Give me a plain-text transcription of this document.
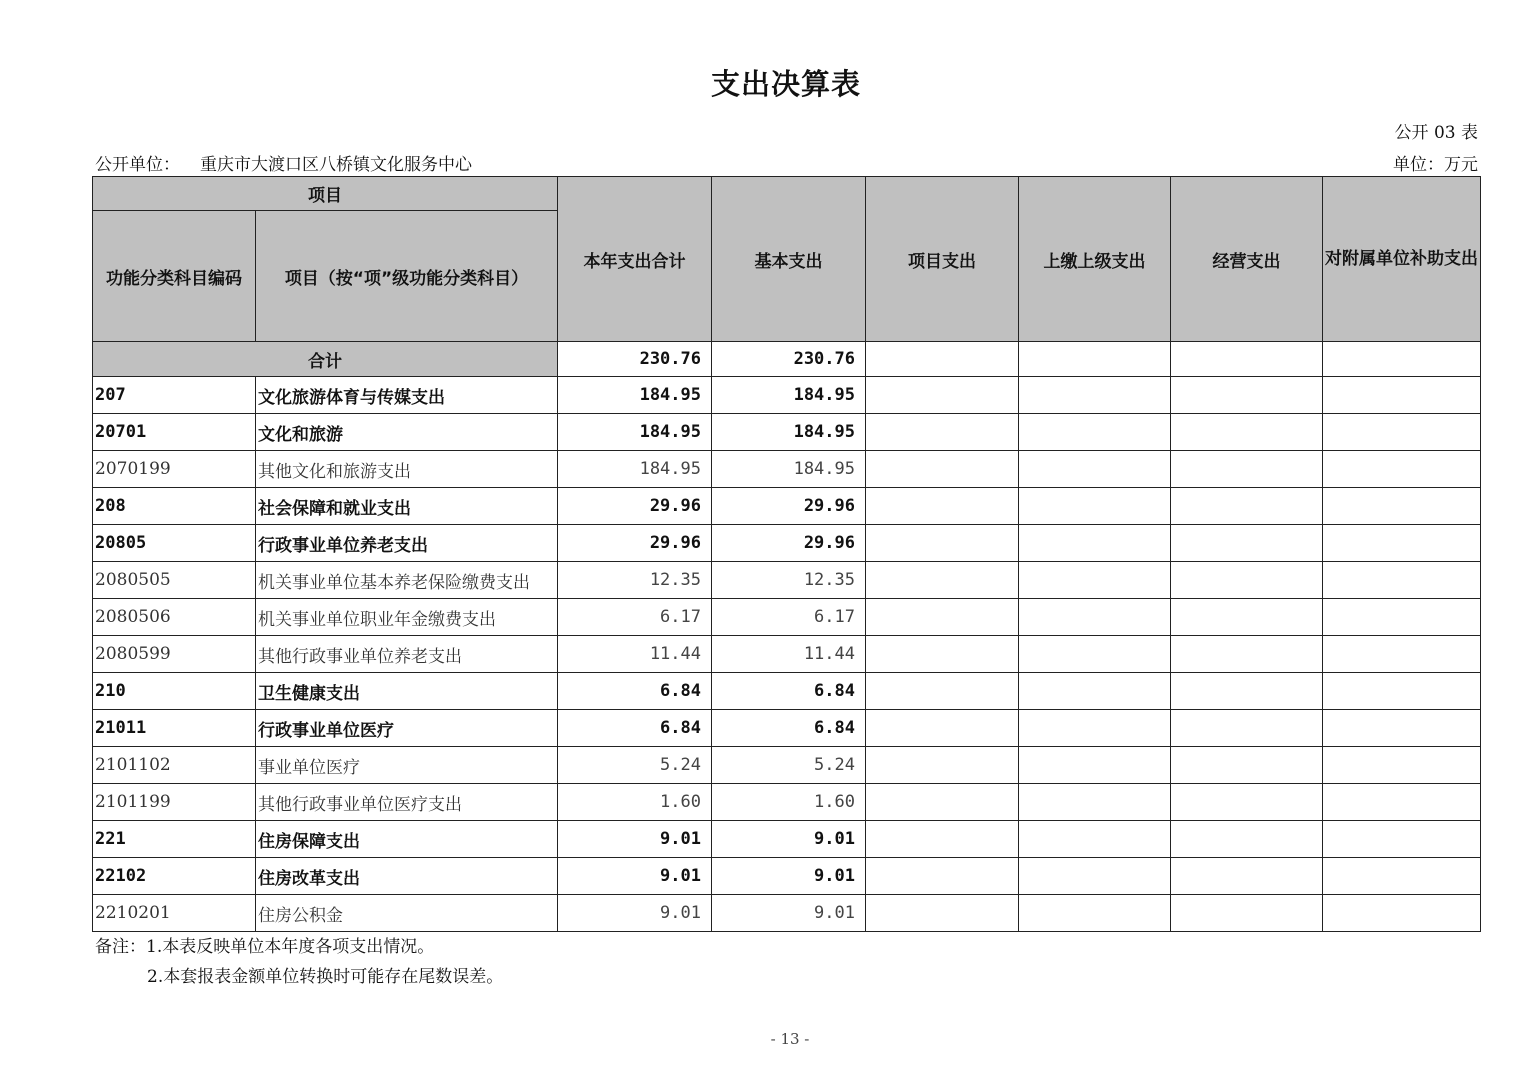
支出决算表
公开 03 表
公开单位： 重庆市大渡口区八桥镇文化服务中心	单位：万元
项目		本年支出合计	基本支出	项目支出	上缴上级支出	经营支出	对附属单位补助支出
功能分类科目编码	项目（按“项”级功能分类科目）						
合计		230.76	230.76				
207	文化旅游体育与传媒支出	184.95	184.95				
20701	文化和旅游	184.95	184.95				
2070199	其他文化和旅游支出	184.95	184.95				
208	社会保障和就业支出	29.96	29.96				
20805	行政事业单位养老支出	29.96	29.96				
2080505	机关事业单位基本养老保险缴费支出	12.35	12.35				
2080506	机关事业单位职业年金缴费支出	6.17	6.17				
2080599	其他行政事业单位养老支出	11.44	11.44				
210	卫生健康支出	6.84	6.84				
21011	行政事业单位医疗	6.84	6.84				
2101102	事业单位医疗	5.24	5.24				
2101199	其他行政事业单位医疗支出	1.60	1.60				
221	住房保障支出	9.01	9.01				
22102	住房改革支出	9.01	9.01				
2210201	住房公积金	9.01	9.01				
备注：1.本表反映单位本年度各项支出情况。
2.本套报表金额单位转换时可能存在尾数误差。
- 13 -
